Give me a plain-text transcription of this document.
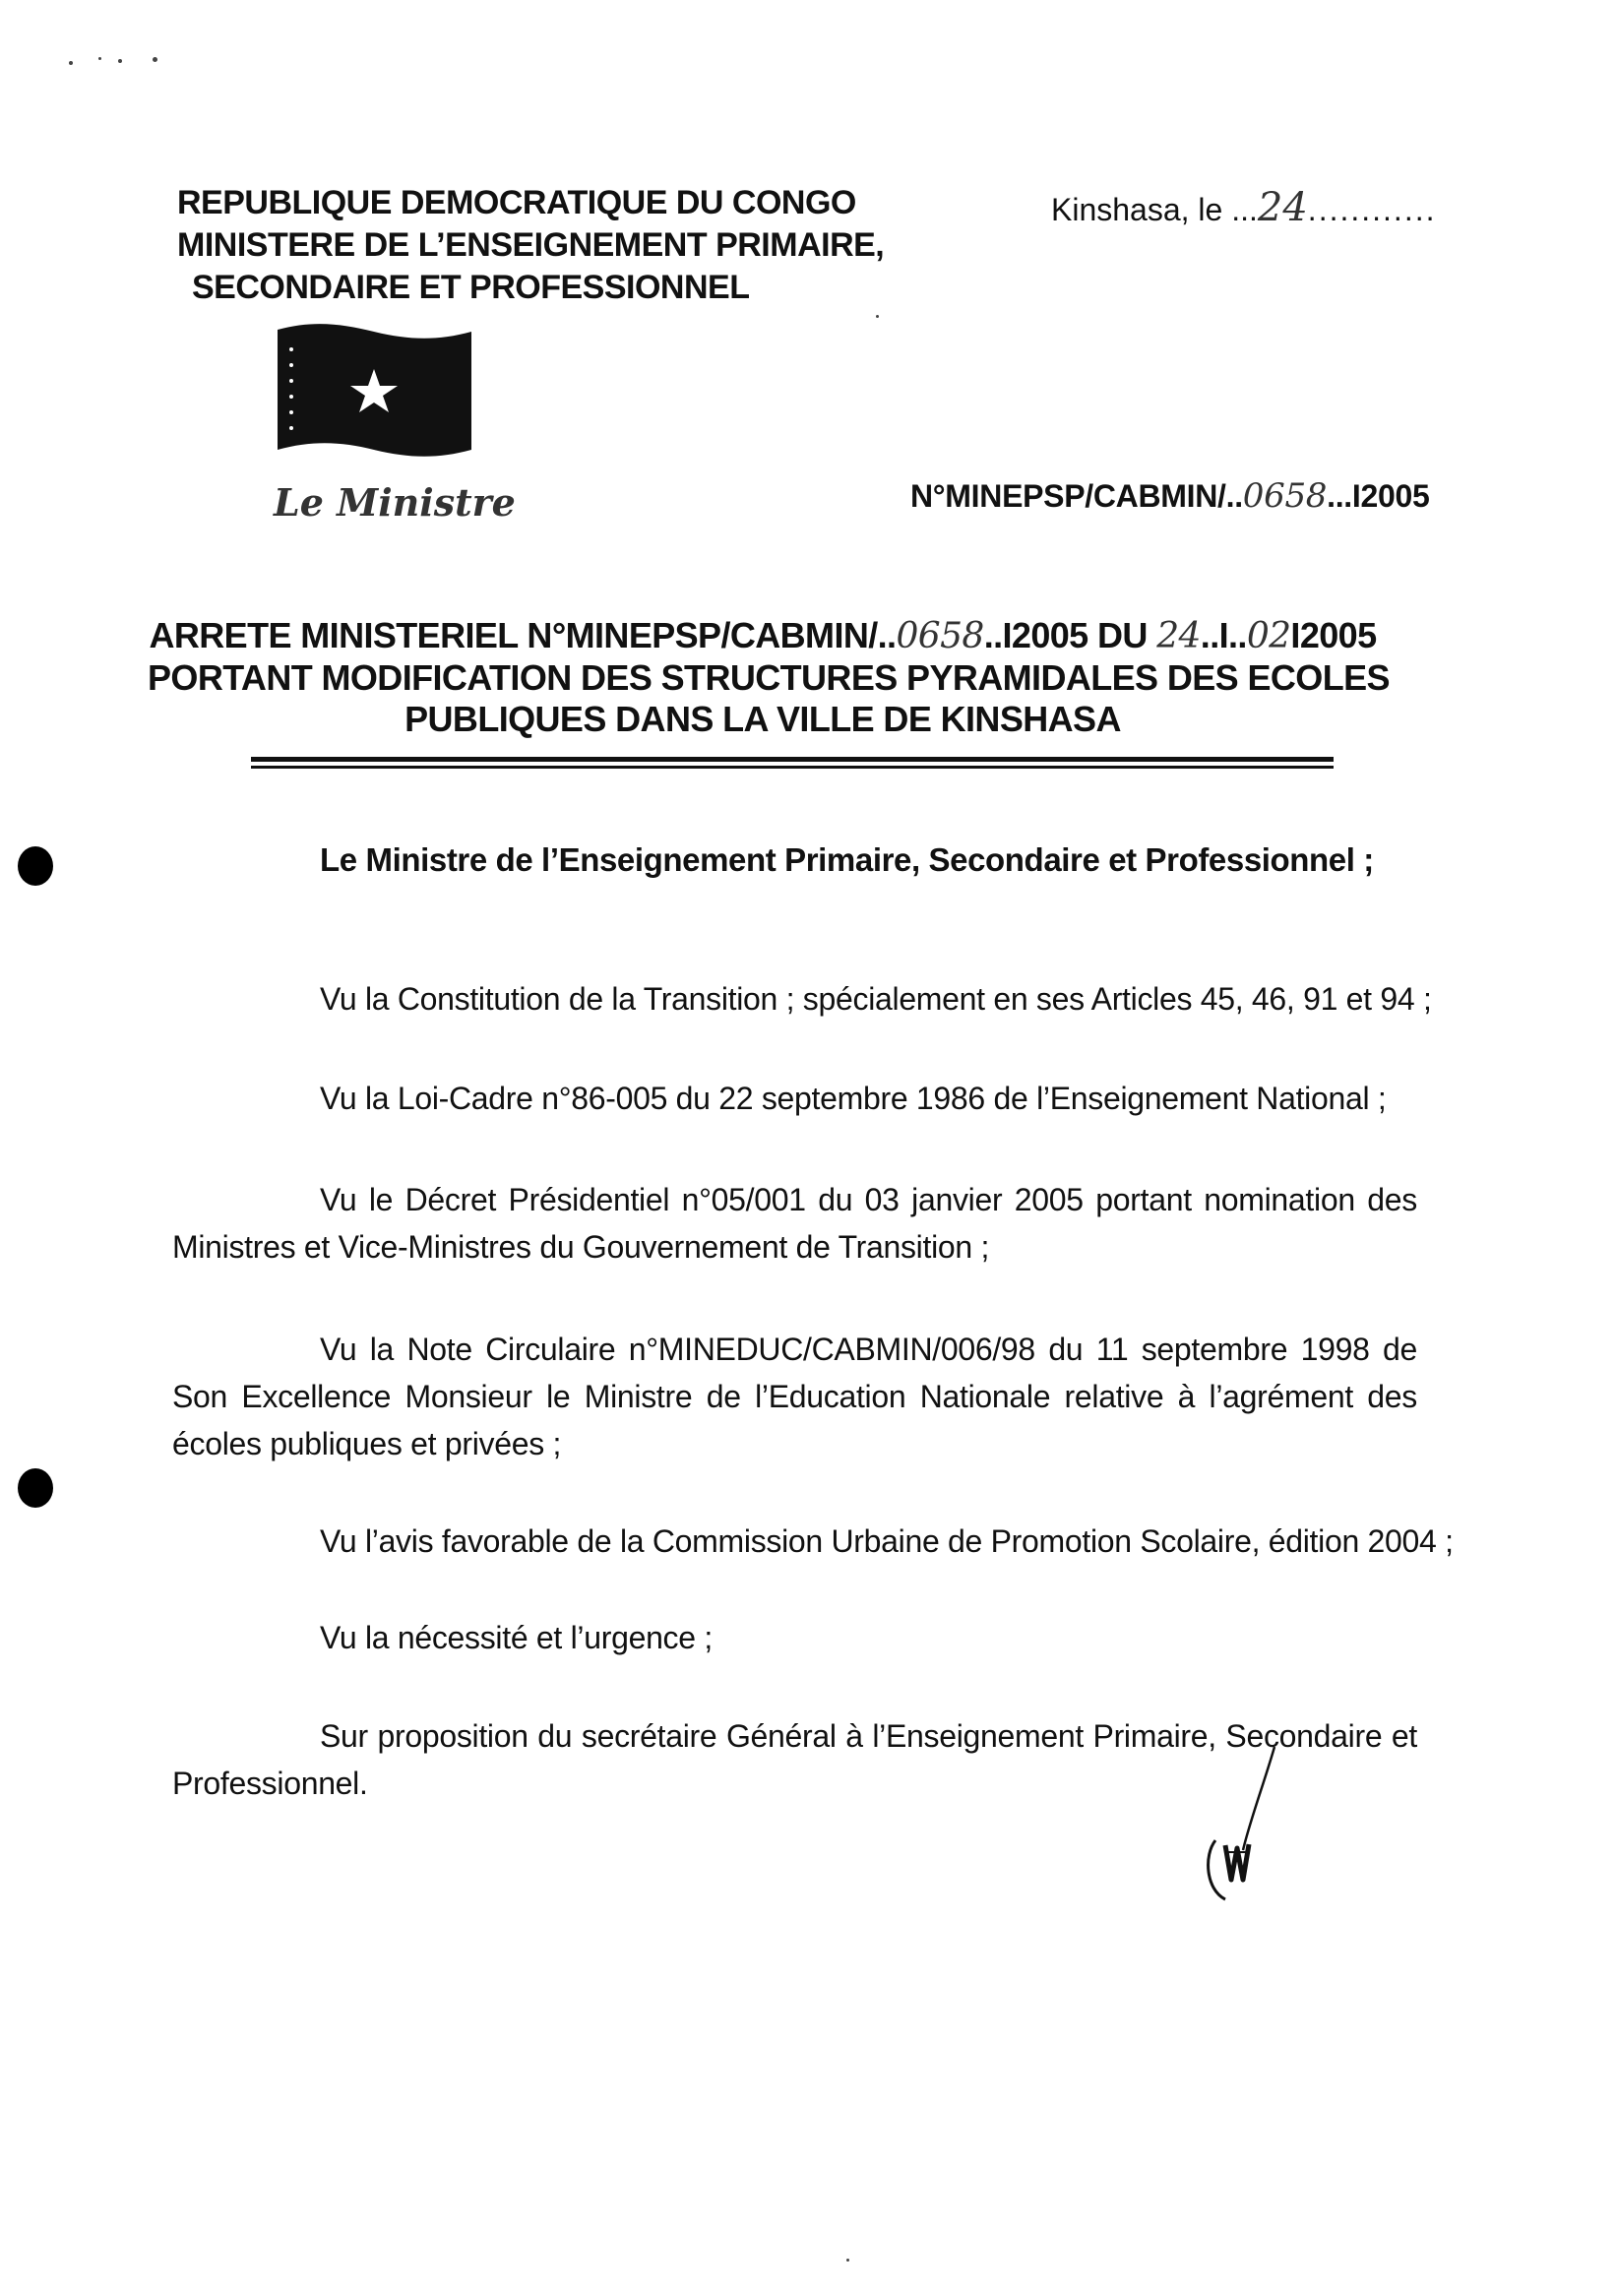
REPUBLIQUE DEMOCRATIQUE DU CONGO
MINISTERE DE L’ENSEIGNEMENT PRIMAIRE,
SECONDAIRE ET PROFESSIONNEL
Kinshasa, le ...24............
Le Ministre	N°MINEPSP/CABMIN/..0658...I2005
ARRETE MINISTERIEL N°MINEPSP/CABMIN/..0658..I2005 DU 24..I..02I2005
PORTANT MODIFICATION DES STRUCTURES PYRAMIDALES DES ECOLES
PUBLIQUES DANS LA VILLE DE KINSHASA
Le Ministre de l’Enseignement Primaire, Secondaire et Professionnel ;
Vu la Constitution de la Transition ; spécialement en ses Articles 45, 46, 91 et 94 ;
Vu la Loi-Cadre n°86-005 du 22 septembre 1986 de l’Enseignement National ;
Vu le Décret Présidentiel n°05/001 du 03 janvier 2005 portant nomination des Ministres et Vice-Ministres du Gouvernement de Transition ;
Vu la Note Circulaire n°MINEDUC/CABMIN/006/98 du 11 septembre 1998 de Son Excellence Monsieur le Ministre de l’Education Nationale relative à l’agrément des écoles publiques et privées ;
Vu l’avis favorable de la Commission Urbaine de Promotion Scolaire, édition 2004 ;
Vu la nécessité et l’urgence ;
Sur proposition du secrétaire Général à l’Enseignement Primaire, Secondaire et Professionnel.
